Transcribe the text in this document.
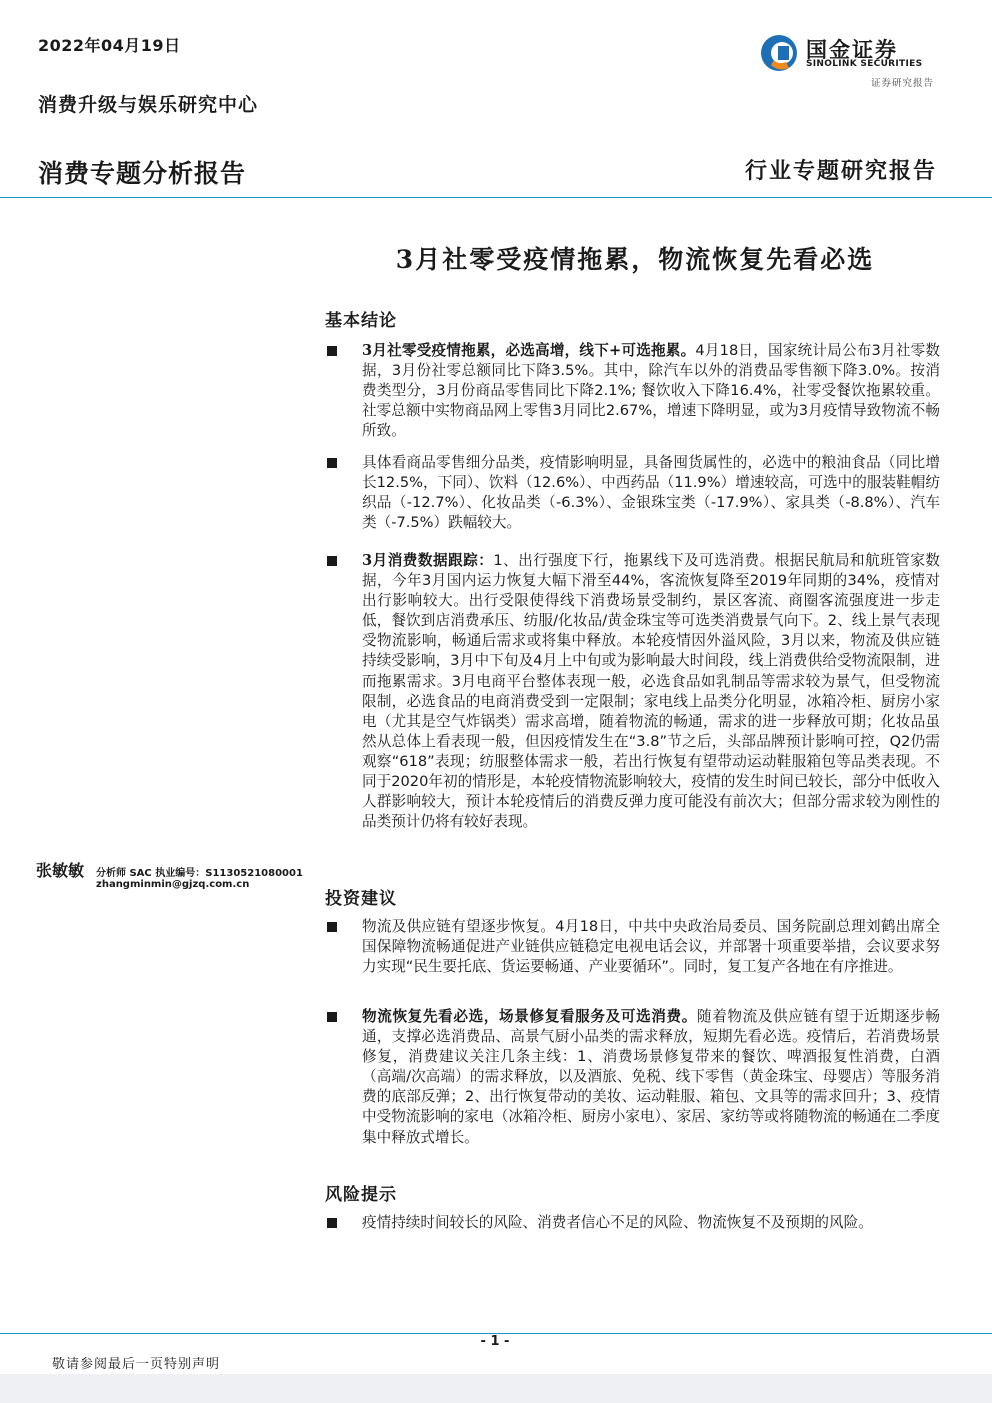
2022年04月19日
消费升级与娱乐研究中心
消费专题分析报告	行业专题研究报告
国金证券
SINOLINK SECURITIES
证券研究报告
3月社零受疫情拖累，物流恢复先看必选
基本结论
3月社零受疫情拖累，必选高增，线下+可选拖累。4月18日，国家统计局公布3月社零数据，3月份社零总额同比下降3.5%。其中，除汽车以外的消费品零售额下降3.0%。按消费类型分，3月份商品零售同比下降2.1%; 餐饮收入下降16.4%，社零受餐饮拖累较重。社零总额中实物商品网上零售3月同比2.67%，增速下降明显，或为3月疫情导致物流不畅所致。
具体看商品零售细分品类，疫情影响明显，具备囤货属性的，必选中的粮油食品（同比增长12.5%，下同）、饮料（12.6%）、中西药品（11.9%）增速较高，可选中的服装鞋帽纺织品（-12.7%）、化妆品类（-6.3%）、金银珠宝类（-17.9%）、家具类（-8.8%）、汽车类（-7.5%）跌幅较大。
3月消费数据跟踪：1、出行强度下行，拖累线下及可选消费。根据民航局和航班管家数据，今年3月国内运力恢复大幅下滑至44%，客流恢复降至2019年同期的34%，疫情对出行影响较大。出行受限使得线下消费场景受制约，景区客流、商圈客流强度进一步走低，餐饮到店消费承压、纺服/化妆品/黄金珠宝等可选类消费景气向下。2、线上景气表现受物流影响，畅通后需求或将集中释放。本轮疫情因外溢风险，3月以来，物流及供应链持续受影响，3月中下旬及4月上中旬或为影响最大时间段，线上消费供给受物流限制，进而拖累需求。3月电商平台整体表现一般，必选食品如乳制品等需求较为景气，但受物流限制，必选食品的电商消费受到一定限制；家电线上品类分化明显，冰箱冷柜、厨房小家电（尤其是空气炸锅类）需求高增，随着物流的畅通，需求的进一步释放可期；化妆品虽然从总体上看表现一般，但因疫情发生在“3.8”节之后，头部品牌预计影响可控，Q2仍需观察“618”表现；纺服整体需求一般，若出行恢复有望带动运动鞋服箱包等品类表现。不同于2020年初的情形是，本轮疫情物流影响较大，疫情的发生时间已较长，部分中低收入人群影响较大，预计本轮疫情后的消费反弹力度可能没有前次大；但部分需求较为刚性的品类预计仍将有较好表现。
张敏敏 分析师 SAC 执业编号：S1130521080001
zhangminmin@gjzq.com.cn
投资建议
物流及供应链有望逐步恢复。4月18日，中共中央政治局委员、国务院副总理刘鹤出席全国保障物流畅通促进产业链供应链稳定电视电话会议，并部署十项重要举措，会议要求努力实现“民生要托底、货运要畅通、产业要循环”。同时，复工复产各地在有序推进。
物流恢复先看必选，场景修复看服务及可选消费。随着物流及供应链有望于近期逐步畅通，支撑必选消费品、高景气厨小品类的需求释放，短期先看必选。疫情后，若消费场景修复，消费建议关注几条主线：1、消费场景修复带来的餐饮、啤酒报复性消费，白酒（高端/次高端）的需求释放，以及酒旅、免税、线下零售（黄金珠宝、母婴店）等服务消费的底部反弹；2、出行恢复带动的美妆、运动鞋服、箱包、文具等的需求回升；3、疫情中受物流影响的家电（冰箱冷柜、厨房小家电）、家居、家纺等或将随物流的畅通在二季度集中释放式增长。
风险提示
疫情持续时间较长的风险、消费者信心不足的风险、物流恢复不及预期的风险。
- 1 -
敬请参阅最后一页特别声明
